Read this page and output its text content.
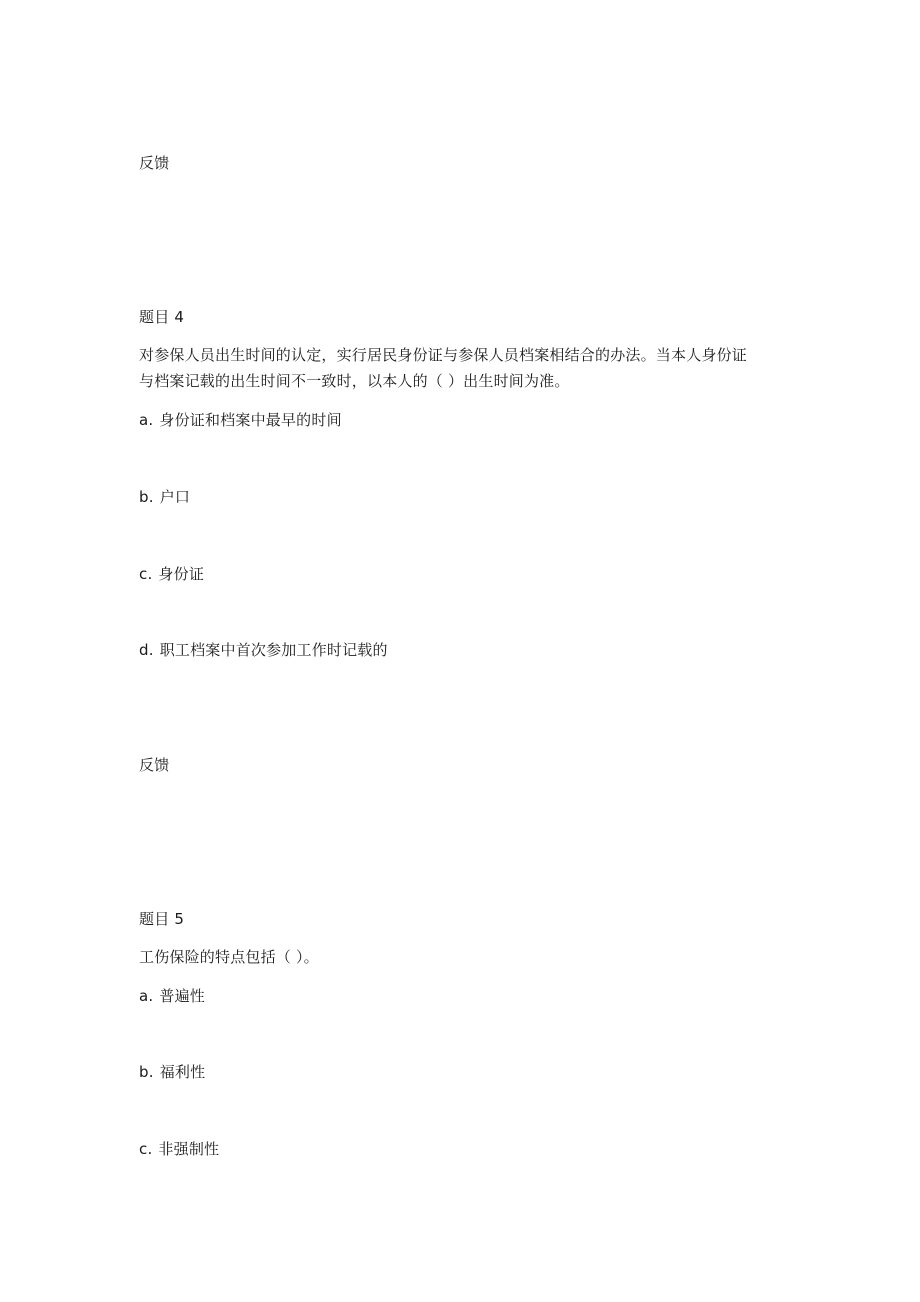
反馈
题目 4
对参保人员出生时间的认定，实行居民身份证与参保人员档案相结合的办法。当本人身份证
与档案记载的出生时间不一致时，以本人的（ ）出生时间为准。
a. 身份证和档案中最早的时间
b. 户口
c. 身份证
d. 职工档案中首次参加工作时记载的
反馈
题目 5
工伤保险的特点包括（ ）。
a. 普遍性
b. 福利性
c. 非强制性
